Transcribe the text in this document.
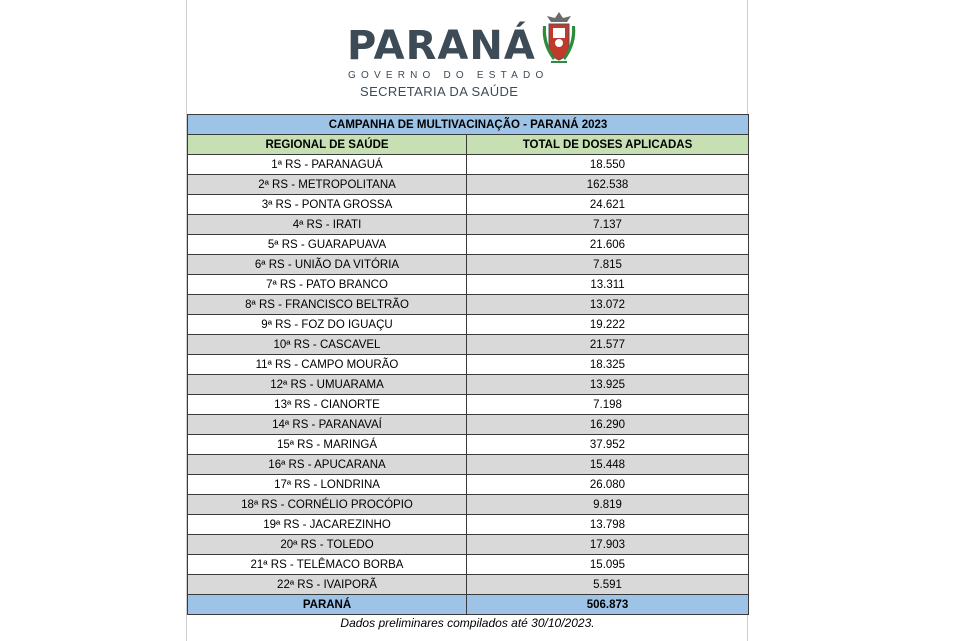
PARANÁ
GOVERNO DO ESTADO
SECRETARIA DA SAÚDE
CAMPANHA DE MULTIVACINAÇÃO - PARANÁ 2023	
REGIONAL DE SAÚDE	TOTAL DE DOSES APLICADAS
1ª RS - PARANAGUÁ	18.550
2ª RS - METROPOLITANA	162.538
3ª RS - PONTA GROSSA	24.621
4ª RS - IRATI	7.137
5ª RS - GUARAPUAVA	21.606
6ª RS - UNIÃO DA VITÓRIA	7.815
7ª RS - PATO BRANCO	13.311
8ª RS - FRANCISCO BELTRÃO	13.072
9ª RS - FOZ DO IGUAÇU	19.222
10ª RS - CASCAVEL	21.577
11ª RS - CAMPO MOURÃO	18.325
12ª RS - UMUARAMA	13.925
13ª RS - CIANORTE	7.198
14ª RS - PARANAVAÍ	16.290
15ª RS - MARINGÁ	37.952
16ª RS - APUCARANA	15.448
17ª RS - LONDRINA	26.080
18ª RS - CORNÉLIO PROCÓPIO	9.819
19ª RS - JACAREZINHO	13.798
20ª RS - TOLEDO	17.903
21ª RS - TELÊMACO BORBA	15.095
22ª RS - IVAIPORÃ	5.591
PARANÁ	506.873
Dados preliminares compilados até 30/10/2023.
